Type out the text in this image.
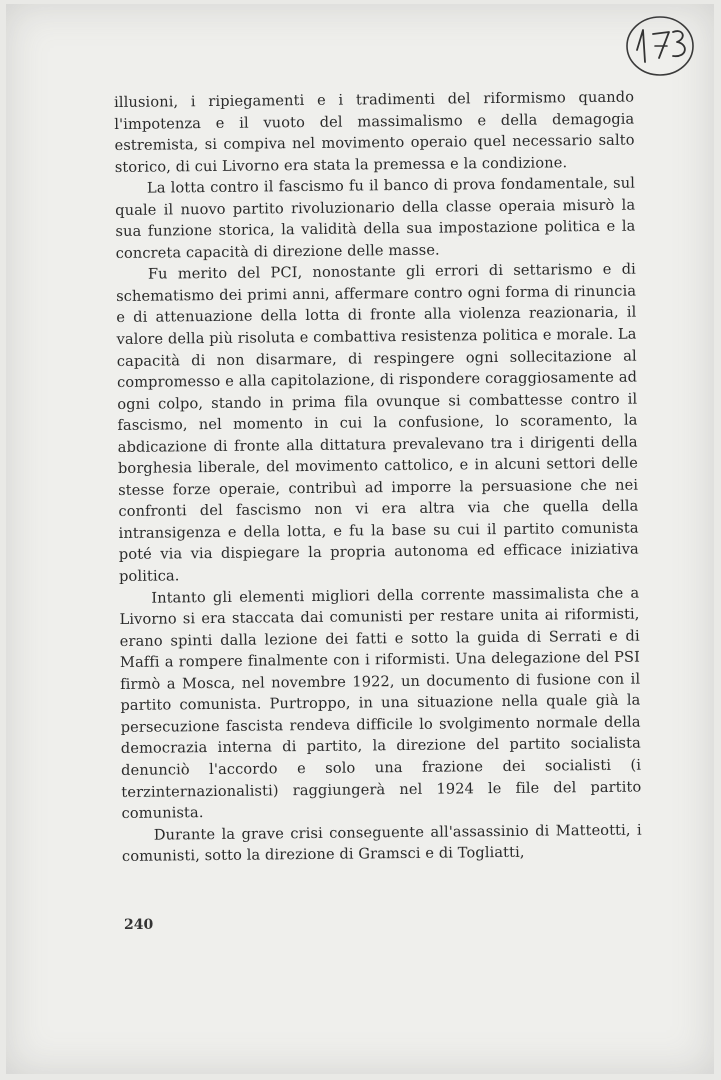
illusioni, i ripiegamenti e i tradimenti del riformismo quando l'impotenza e il vuoto del massimalismo e della demagogia estremista, si compiva nel movimento operaio quel necessario salto storico, di cui Livorno era stata la premessa e la condizione.

La lotta contro il fascismo fu il banco di prova fondamentale, sul quale il nuovo partito rivoluzionario della classe operaia misurò la sua funzione storica, la validità della sua impostazione politica e la concreta capacità di direzione delle masse.

Fu merito del PCI, nonostante gli errori di settarismo e di schematismo dei primi anni, affermare contro ogni forma di rinuncia e di attenuazione della lotta di fronte alla violenza reazionaria, il valore della più risoluta e combattiva resistenza politica e morale. La capacità di non disarmare, di respingere ogni sollecitazione al compromesso e alla capitolazione, di rispondere coraggiosamente ad ogni colpo, stando in prima fila ovunque si combattesse contro il fascismo, nel momento in cui la confusione, lo scoramento, la abdicazione di fronte alla dittatura prevalevano tra i dirigenti della borghesia liberale, del movimento cattolico, e in alcuni settori delle stesse forze operaie, contribuì ad imporre la persuasione che nei confronti del fascismo non vi era altra via che quella della intransigenza e della lotta, e fu la base su cui il partito comunista poté via via dispiegare la propria autonoma ed efficace iniziativa politica.

Intanto gli elementi migliori della corrente massimalista che a Livorno si era staccata dai comunisti per restare unita ai riformisti, erano spinti dalla lezione dei fatti e sotto la guida di Serrati e di Maffi a rompere finalmente con i riformisti. Una delegazione del PSI firmò a Mosca, nel novembre 1922, un documento di fusione con il partito comunista. Purtroppo, in una situazione nella quale già la persecuzione fascista rendeva difficile lo svolgimento normale della democrazia interna di partito, la direzione del partito socialista denunciò l'accordo e solo una frazione dei socialisti (i terzinternazionalisti) raggiungerà nel 1924 le file del partito comunista.

Durante la grave crisi conseguente all'assassinio di Matteotti, i comunisti, sotto la direzione di Gramsci e di Togliatti,

240
